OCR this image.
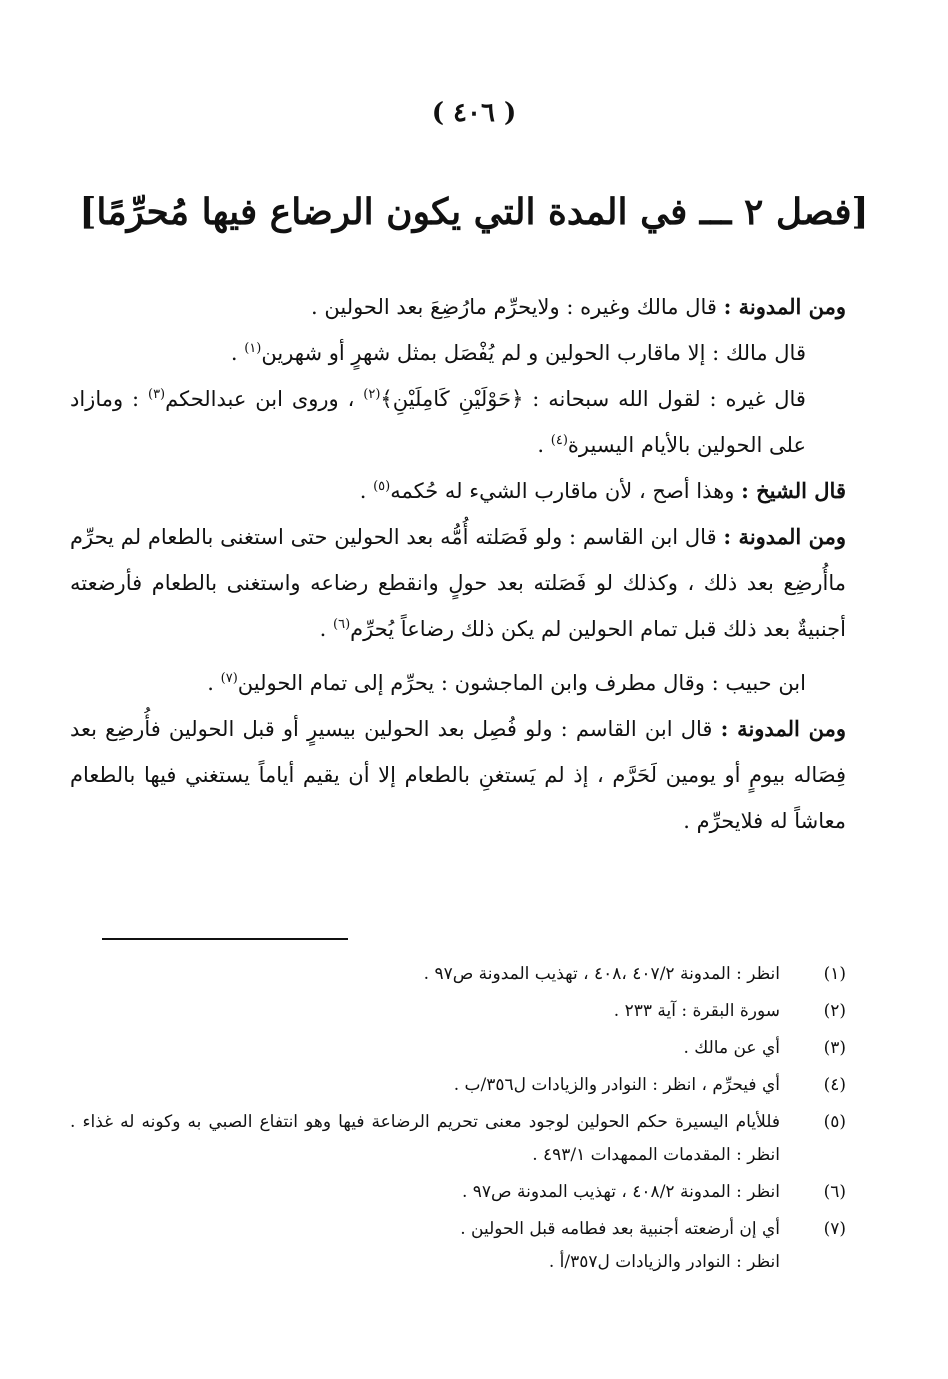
( ٤٠٦ )
[فصل ٢ ـــ في المدة التي يكون الرضاع فيها مُحرِّمًا]

ومن المدونة : قال مالك وغيره : ولايحرِّم مارُضِعَ بعد الحولين .

قال مالك : إلا ماقارب الحولين و لم يُفْصَل بمثل شهرٍ أو شهرين$^{(١)}$ .

قال غيره : لقول الله سبحانه : ﴿حَوْلَيْنِ كَامِلَيْنِ﴾$^{(٢)}$ ، وروى ابن عبدالحكم$^{(٣)}$ : ومازاد على الحولين بالأيام اليسيرة$^{(٤)}$ .

قال الشيخ : وهذا أصح ، لأن ماقارب الشيء له حُكمه$^{(٥)}$ .

ومن المدونة : قال ابن القاسم : ولو فَصَلته أُمُّه بعد الحولين حتى استغنى بالطعام لم يحرِّم ماأُرضِع بعد ذلك ، وكذلك لو فَصَلته بعد حولٍ وانقطع رضاعه واستغنى بالطعام فأرضعته أجنبيةٌ بعد ذلك قبل تمام الحولين لم يكن ذلك رضاعاً يُحرِّم$^{(٦)}$ .

ابن حبيب : وقال مطرف وابن الماجشون : يحرِّم إلى تمام الحولين$^{(٧)}$ .

ومن المدونة : قال ابن القاسم : ولو فُصِل بعد الحولين بيسيرٍ أو قبل الحولين فأُرضِع بعد فِصَاله بيومٍ أو يومين لَحَرَّم ، إذ لم يَستغنِ بالطعام إلا أن يقيم أياماً يستغني فيها بالطعام معاشاً له فلايحرِّم .

(١)
انظر : المدونة ٤٠٧/٢ ،٤٠٨ ، تهذيب المدونة ص٩٧ .
(٢)
سورة البقرة : آية ٢٣٣ .
(٣)
أي عن مالك .
(٤)
أي فيحرِّم ، انظر : النوادر والزيادات ل٣٥٦/ب .
(٥)
فللأيام اليسيرة حكم الحولين لوجود معنى تحريم الرضاعة فيها وهو انتفاع الصبي به وكونه له غذاء . انظر : المقدمات الممهدات ٤٩٣/١ .
(٦)
انظر : المدونة ٤٠٨/٢ ، تهذيب المدونة ص٩٧ .
(٧)
أي إن أرضعته أجنبية بعد فطامه قبل الحولين .
انظر : النوادر والزيادات ل٣٥٧/أ .
